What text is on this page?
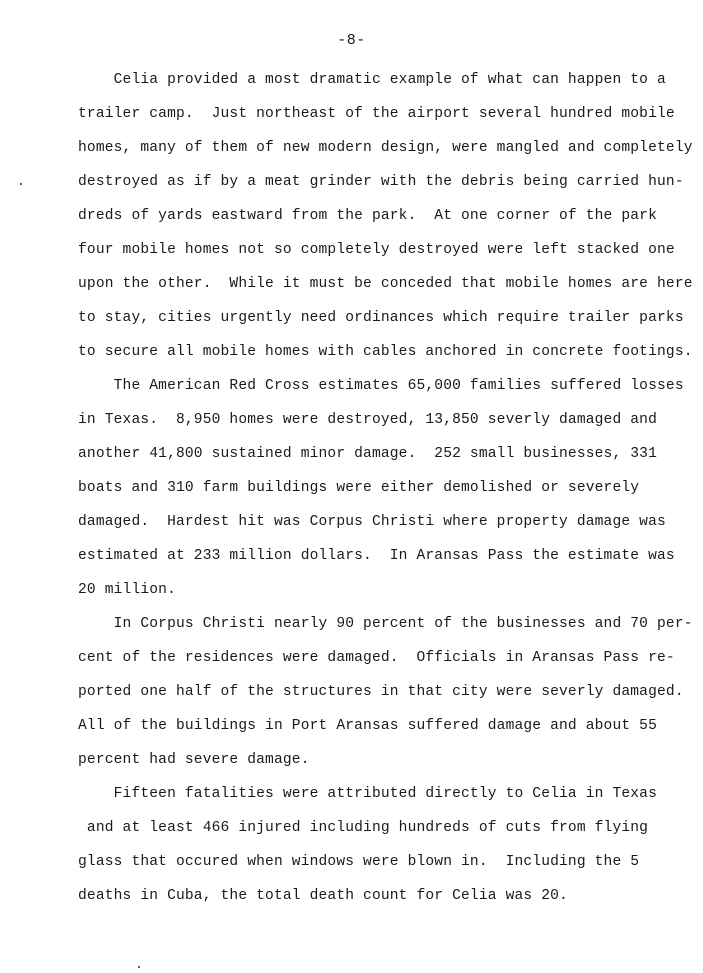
-8-
Celia provided a most dramatic example of what can happen to a
trailer camp.  Just northeast of the airport several hundred mobile
homes, many of them of new modern design, were mangled and completely
destroyed as if by a meat grinder with the debris being carried hun-
dreds of yards eastward from the park.  At one corner of the park
four mobile homes not so completely destroyed were left stacked one
upon the other.  While it must be conceded that mobile homes are here
to stay, cities urgently need ordinances which require trailer parks
to secure all mobile homes with cables anchored in concrete footings.
The American Red Cross estimates 65,000 families suffered losses
in Texas.  8,950 homes were destroyed, 13,850 severly damaged and
another 41,800 sustained minor damage.  252 small businesses, 331
boats and 310 farm buildings were either demolished or severely
damaged.  Hardest hit was Corpus Christi where property damage was
estimated at 233 million dollars.  In Aransas Pass the estimate was
20 million.
In Corpus Christi nearly 90 percent of the businesses and 70 per-
cent of the residences were damaged.  Officials in Aransas Pass re-
ported one half of the structures in that city were severly damaged.
All of the buildings in Port Aransas suffered damage and about 55
percent had severe damage.
Fifteen fatalities were attributed directly to Celia in Texas
and at least 466 injured including hundreds of cuts from flying
glass that occured when windows were blown in.  Including the 5
deaths in Cuba, the total death count for Celia was 20.
